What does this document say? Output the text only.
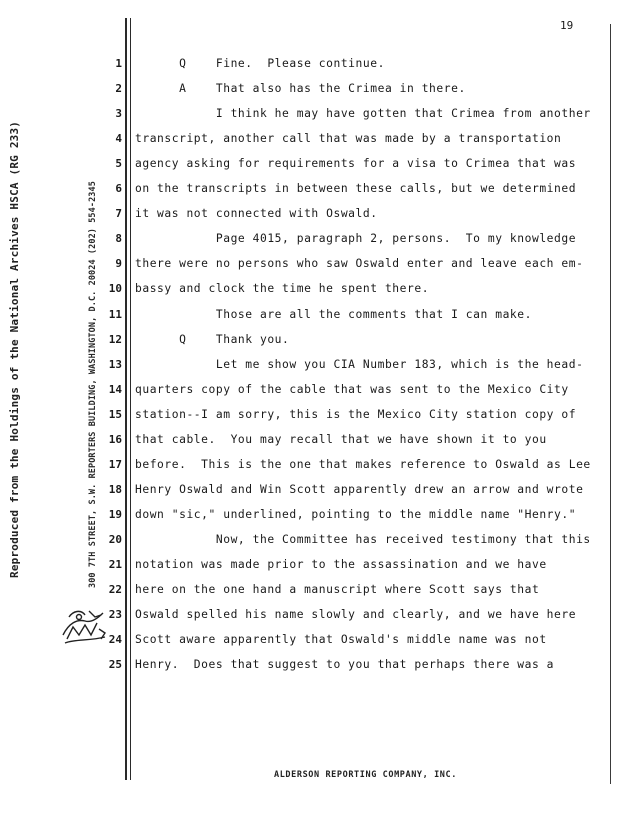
Reproduced from the Holdings of the National Archives HSCA (RG 233)	300 7TH STREET, S.W. REPORTERS BUILDING, WASHINGTON, D.C. 20024 (202) 554-2345
19
1 Q    Fine.  Please continue.
2 A    That also has the Crimea in there.
3 I think he may have gotten that Crimea from another
4 transcript, another call that was made by a transportation
5 agency asking for requirements for a visa to Crimea that was
6 on the transcripts in between these calls, but we determined
7 it was not connected with Oswald.
8 Page 4015, paragraph 2, persons.  To my knowledge
9 there were no persons who saw Oswald enter and leave each em-
10 bassy and clock the time he spent there.
11 Those are all the comments that I can make.
12 Q    Thank you.
13 Let me show you CIA Number 183, which is the head-
14 quarters copy of the cable that was sent to the Mexico City
15 station--I am sorry, this is the Mexico City station copy of
16 that cable.  You may recall that we have shown it to you
17 before.  This is the one that makes reference to Oswald as Lee
18 Henry Oswald and Win Scott apparently drew an arrow and wrote
19 down "sic," underlined, pointing to the middle name "Henry."
20 Now, the Committee has received testimony that this
21 notation was made prior to the assassination and we have
22 here on the one hand a manuscript where Scott says that
23 Oswald spelled his name slowly and clearly, and we have here
24 Scott aware apparently that Oswald's middle name was not
25 Henry.  Does that suggest to you that perhaps there was a
ALDERSON REPORTING COMPANY, INC.
